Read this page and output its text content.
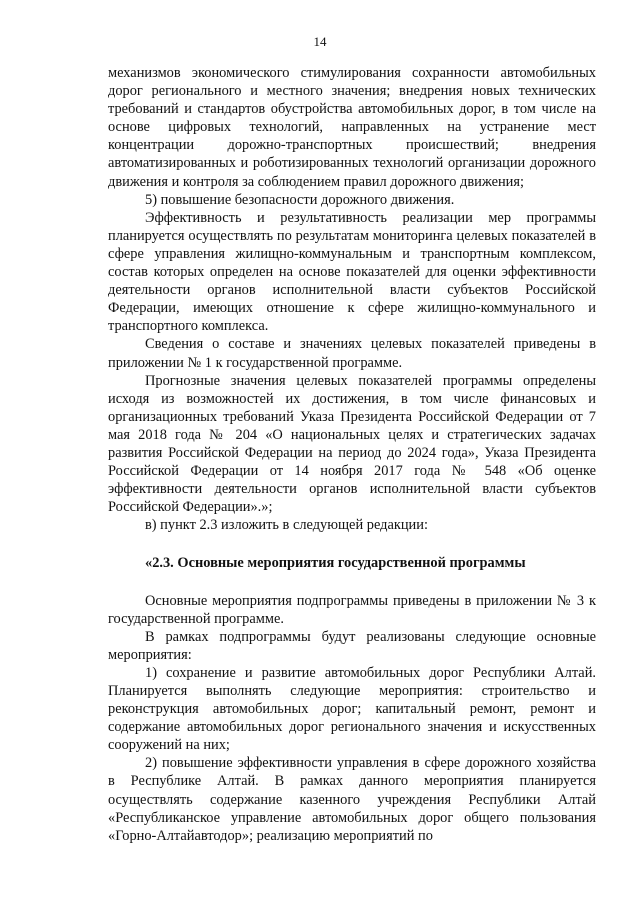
14

механизмов экономического стимулирования сохранности автомобильных дорог регионального и местного значения; внедрения новых технических требований и стандартов обустройства автомобильных дорог, в том числе на основе цифровых технологий, направленных на устранение мест концентрации дорожно-транспортных происшествий; внедрения автоматизированных и роботизированных технологий организации дорожного движения и контроля за соблюдением правил дорожного движения;

5) повышение безопасности дорожного движения.

Эффективность и результативность реализации мер программы планируется осуществлять по результатам мониторинга целевых показателей в сфере управления жилищно-коммунальным и транспортным комплексом, состав которых определен на основе показателей для оценки эффективности деятельности органов исполнительной власти субъектов Российской Федерации, имеющих отношение к сфере жилищно-коммунального и транспортного комплекса.

Сведения о составе и значениях целевых показателей приведены в приложении № 1 к государственной программе.

Прогнозные значения целевых показателей программы определены исходя из возможностей их достижения, в том числе финансовых и организационных требований Указа Президента Российской Федерации от 7 мая 2018 года № 204 «О национальных целях и стратегических задачах развития Российской Федерации на период до 2024 года», Указа Президента Российской Федерации от 14 ноября 2017 года № 548 «Об оценке эффективности деятельности органов исполнительной власти субъектов Российской Федерации».»;

в) пункт 2.3 изложить в следующей редакции:

«2.3. Основные мероприятия государственной программы

Основные мероприятия подпрограммы приведены в приложении № 3 к государственной программе.

В рамках подпрограммы будут реализованы следующие основные мероприятия:

1) сохранение и развитие автомобильных дорог Республики Алтай. Планируется выполнять следующие мероприятия: строительство и реконструкция автомобильных дорог; капитальный ремонт, ремонт и содержание автомобильных дорог регионального значения и искусственных сооружений на них;

2) повышение эффективности управления в сфере дорожного хозяйства в Республике Алтай. В рамках данного мероприятия планируется осуществлять содержание казенного учреждения Республики Алтай «Республиканское управление автомобильных дорог общего пользования «Горно-Алтайавтодор»; реализацию мероприятий по
